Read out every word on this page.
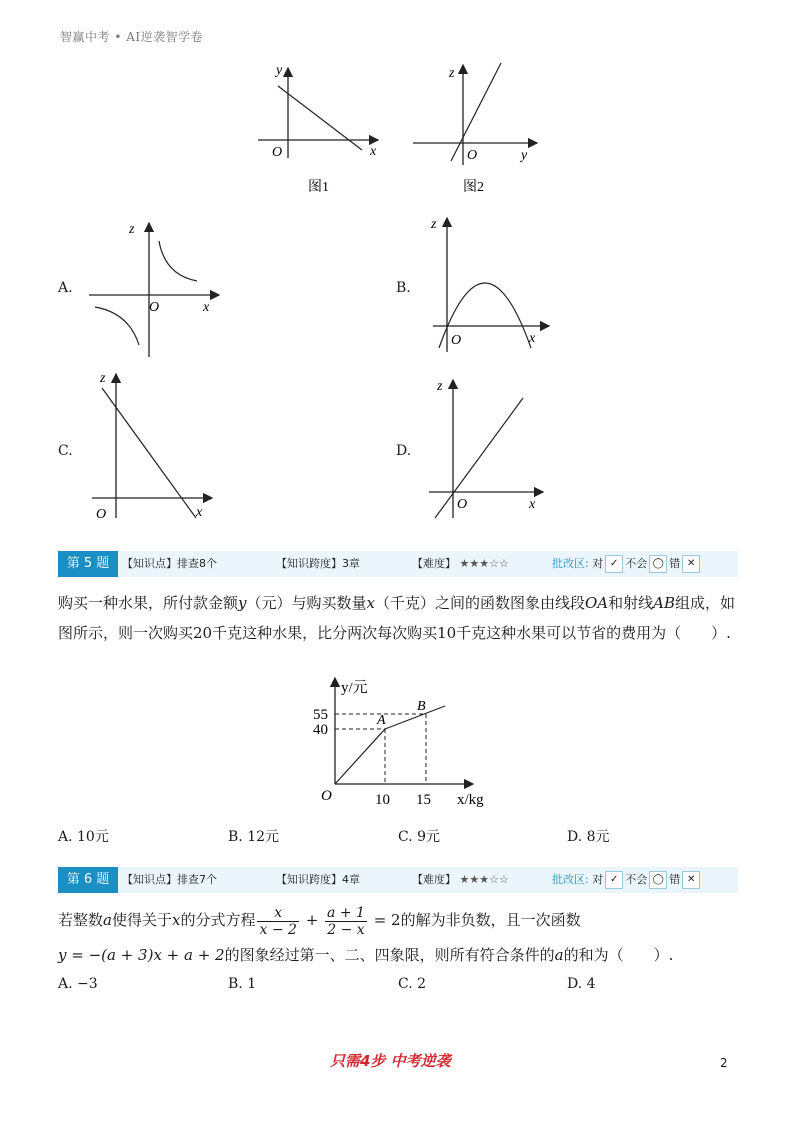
智赢中考 • AI逆袭智学卷
y
x
O
图1
z
y
O
图2
A.
z
x
O
B.
z
x
O
C.
z
x
O
D.
z
x
O
第 5 题	【知识点】排查8个	【知识跨度】3章	【难度】 ★★★☆☆	批改区: 对 ✓ 不会 ◯ 错 ✕
购买一种水果，所付款金额y（元）与购买数量x（千克）之间的函数图象由线段OA和射线AB组成，如图所示，则一次购买20千克这种水果，比分两次每次购买10千克这种水果可以节省的费用为（　　）.
y/元
x/kg
O
A
B
10 15
55
40
A. 10元	B. 12元	C. 9元	D. 8元
第 6 题	【知识点】排查7个	【知识跨度】4章	【难度】 ★★★☆☆	批改区: 对 ✓ 不会 ◯ 错 ✕
若整数a使得关于x的分式方程 $\frac{x}{x - 2} + \frac{a + 1}{2 - x} = 2$的解为非负数，且一次函数
y = −(a + 3)x + a + 2的图象经过第一、二、四象限，则所有符合条件的a的和为（　　）.
A. −3	B. 1	C. 2	D. 4
只需4步 中考逆袭	2
